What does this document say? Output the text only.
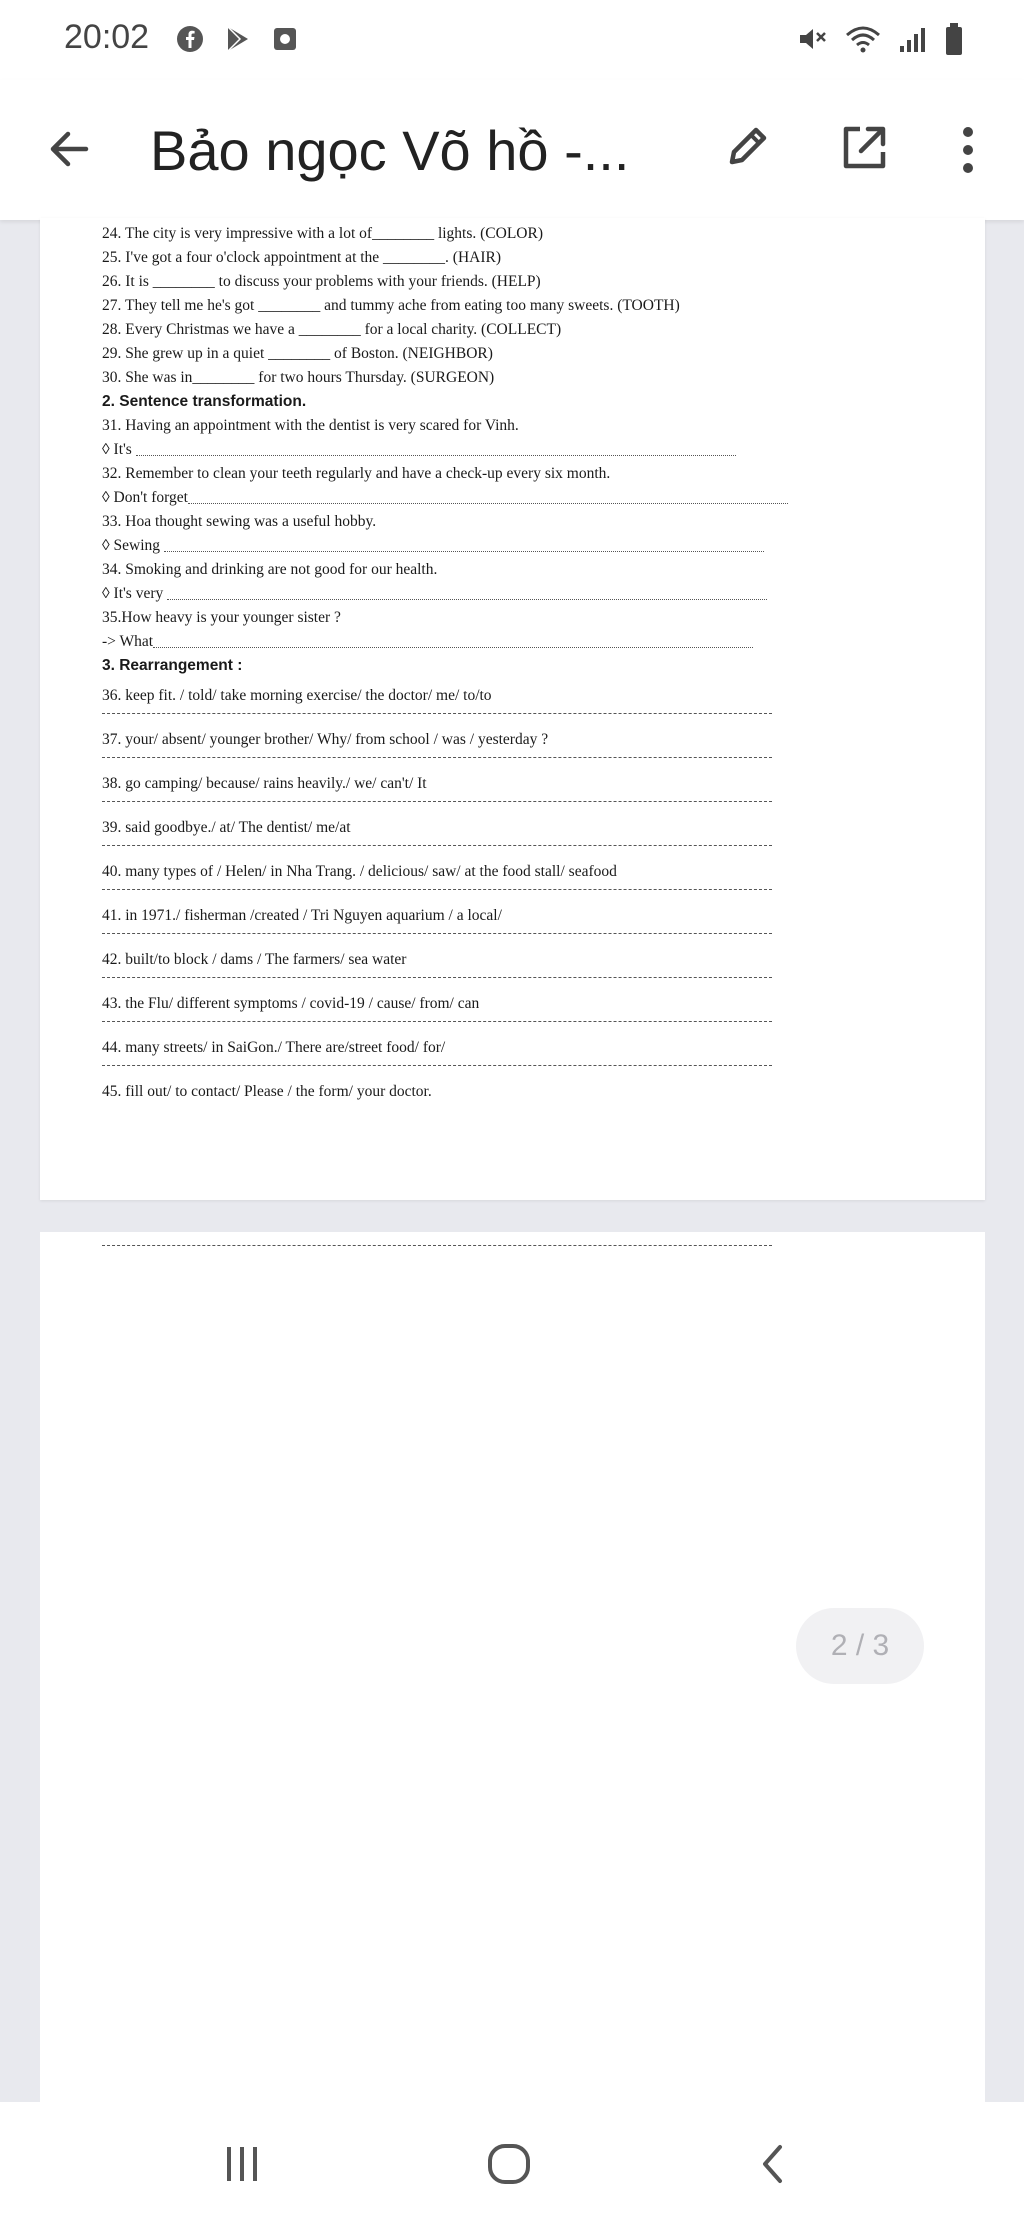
20:02
Bảo ngọc Võ hồ -...
24. The city is very impressive with a lot of________ lights. (COLOR)
25. I've got a four o'clock appointment at the ________. (HAIR)
26. It is ________ to discuss your problems with your friends. (HELP)
27. They tell me he's got ________ and tummy ache from eating too many sweets. (TOOTH)
28. Every Christmas we have a ________ for a local charity. (COLLECT)
29. She grew up in a quiet ________ of Boston. (NEIGHBOR)
30. She was in________ for two hours Thursday. (SURGEON)
2. Sentence transformation.
31. Having an appointment with the dentist is very scared for Vinh.
◊ It's
32. Remember to clean your teeth regularly and have a check-up every six month.
◊ Don't forget
33. Hoa thought sewing was a useful hobby.
◊ Sewing
34. Smoking and drinking are not good for our health.
◊ It's very
35.How heavy is your younger sister ?
-> What
3. Rearrangement :
36. keep fit. / told/ take morning exercise/ the doctor/ me/ to/to
37. your/ absent/ younger brother/ Why/ from school / was / yesterday ?
38. go camping/ because/ rains heavily./ we/ can't/ It
39. said goodbye./ at/ The dentist/ me/at
40. many types of / Helen/ in Nha Trang. / delicious/ saw/ at the food stall/ seafood
41. in 1971./ fisherman /created / Tri Nguyen aquarium / a local/
42. built/to block / dams / The farmers/ sea water
43. the Flu/ different symptoms / covid-19 / cause/ from/ can
44. many streets/ in SaiGon./ There are/street food/ for/
45. fill out/ to contact/ Please / the form/ your doctor.
2 / 3
